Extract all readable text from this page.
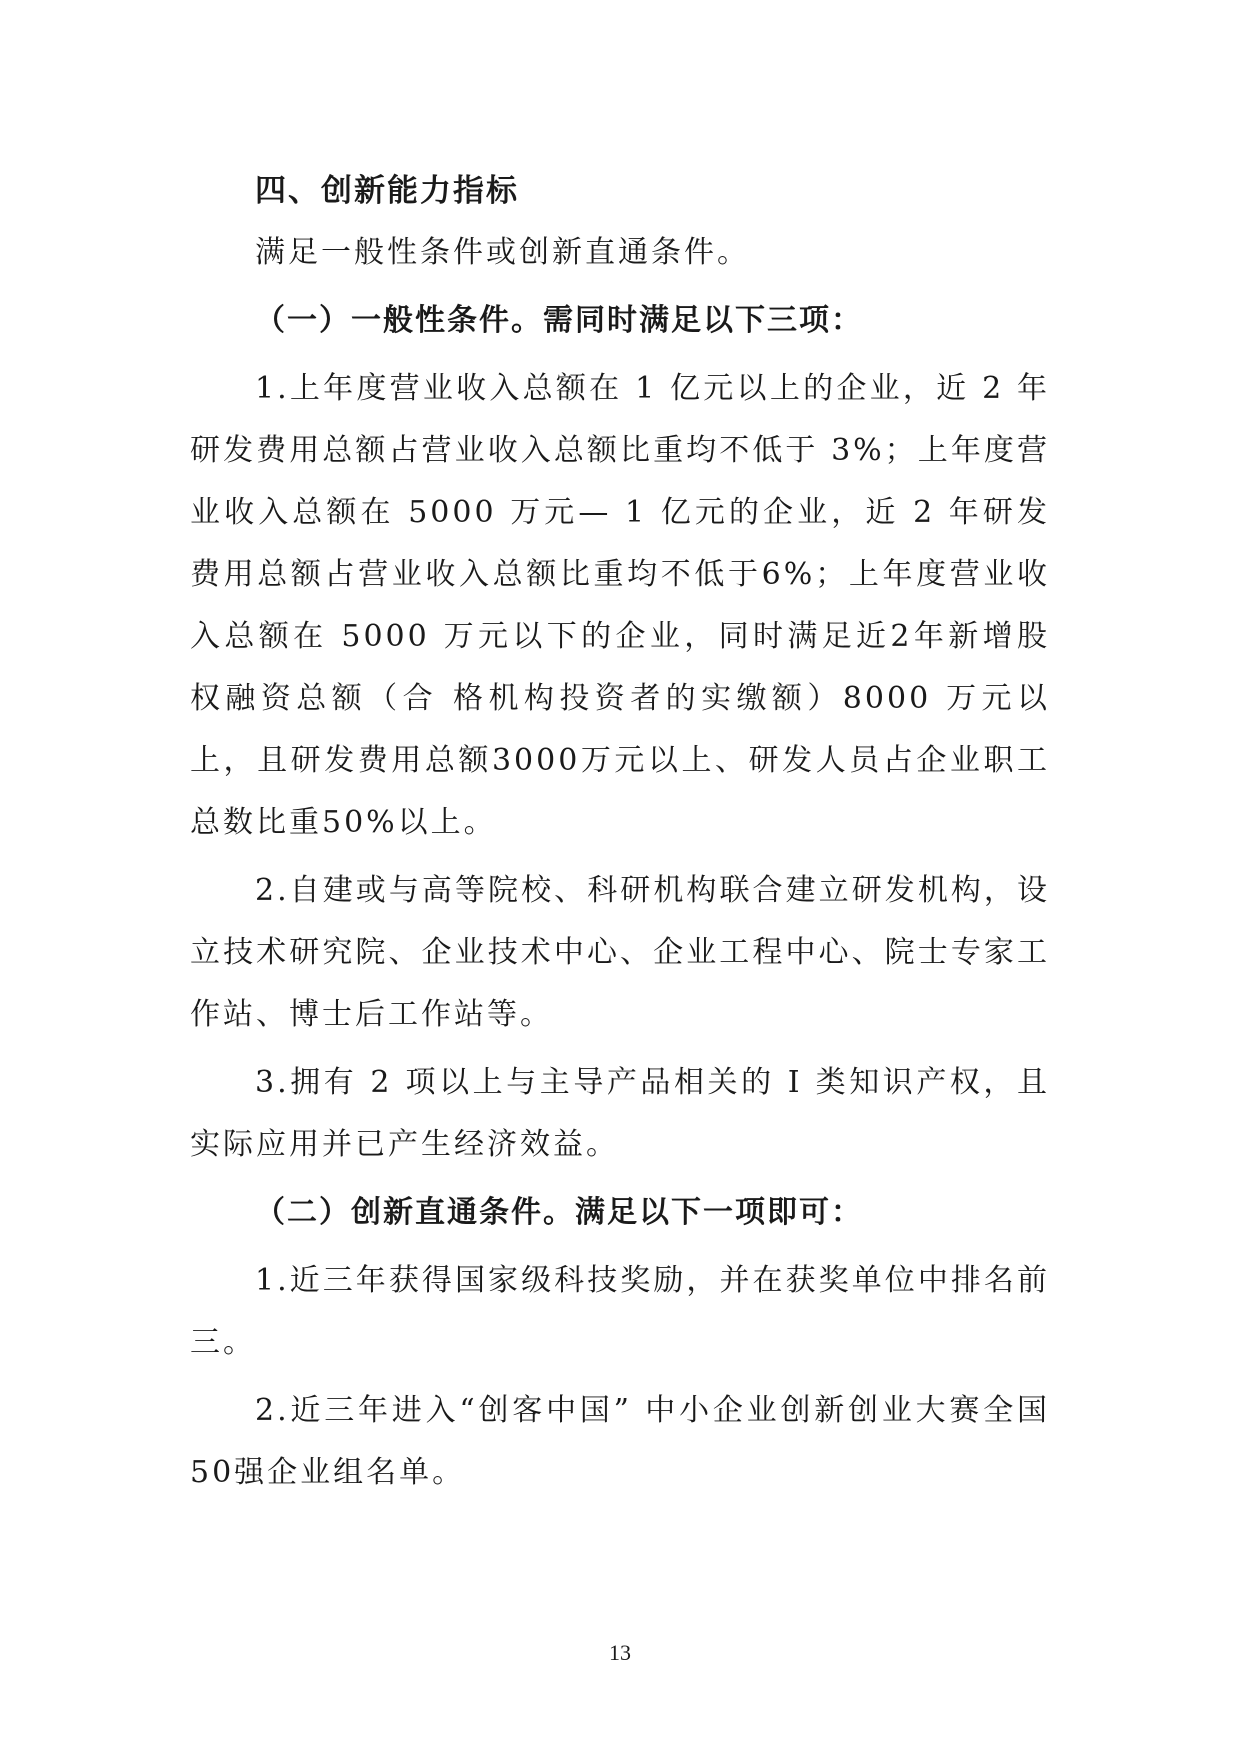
四、创新能力指标

满足一般性条件或创新直通条件。

（一）一般性条件。需同时满足以下三项：

1.上年度营业收入总额在 1 亿元以上的企业，近 2 年研发费用总额占营业收入总额比重均不低于 3%；上年度营业收入总额在 5000 万元— 1 亿元的企业，近 2 年研发费用总额占营业收入总额比重均不低于6%；上年度营业收入总额在 5000 万元以下的企业，同时满足近2年新增股权融资总额（合 格机构投资者的实缴额）8000 万元以上，且研发费用总额3000万元以上、研发人员占企业职工总数比重50%以上。

2.自建或与高等院校、科研机构联合建立研发机构，设立技术研究院、企业技术中心、企业工程中心、院士专家工作站、博士后工作站等。

3.拥有 2 项以上与主导产品相关的 I 类知识产权，且实际应用并已产生经济效益。

（二）创新直通条件。满足以下一项即可：

1.近三年获得国家级科技奖励，并在获奖单位中排名前三。

2.近三年进入“创客中国” 中小企业创新创业大赛全国50强企业组名单。

13
